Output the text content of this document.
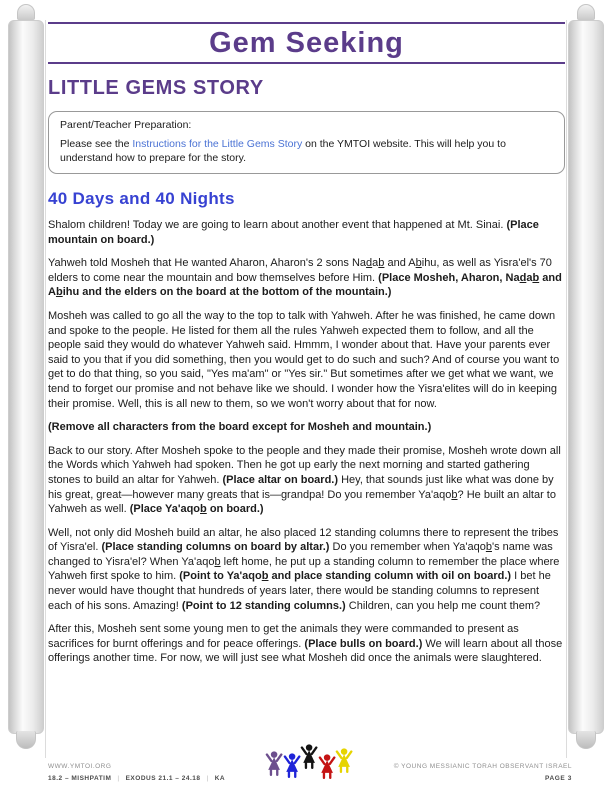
Gem Seeking
LITTLE GEMS STORY

Parent/Teacher Preparation:

Please see the Instructions for the Little Gems Story on the YMTOI website. This will help you to understand how to prepare for the story.

40 Days and 40 Nights

Shalom children! Today we are going to learn about another event that happened at Mt. Sinai. (Place mountain on board.)

Yahweh told Mosheh that He wanted Aharon, Aharon's 2 sons Nadab and Abihu, as well as Yisra'el's 70 elders to come near the mountain and bow themselves before Him. (Place Mosheh, Aharon, Nadab and Abihu and the elders on the board at the bottom of the mountain.)

Mosheh was called to go all the way to the top to talk with Yahweh. After he was finished, he came down and spoke to the people. He listed for them all the rules Yahweh expected them to follow, and all the people said they would do whatever Yahweh said. Hmmm, I wonder about that. Have your parents ever said to you that if you did something, then you would get to do such and such? And of course you want to get to do that thing, so you said, "Yes ma'am" or "Yes sir." But sometimes after we get what we want, we tend to forget our promise and not behave like we should. I wonder how the Yisra'elites will do in keeping their promise. Well, this is all new to them, so we won't worry about that for now.

(Remove all characters from the board except for Mosheh and mountain.)

Back to our story. After Mosheh spoke to the people and they made their promise, Mosheh wrote down all the Words which Yahweh had spoken. Then he got up early the next morning and started gathering stones to build an altar for Yahweh. (Place altar on board.) Hey, that sounds just like what was done by his great, great—however many greats that is—grandpa! Do you remember Ya'aqob? He built an altar to Yahweh as well. (Place Ya'aqob on board.)

Well, not only did Mosheh build an altar, he also placed 12 standing columns there to represent the tribes of Yisra'el. (Place standing columns on board by altar.) Do you remember when Ya'aqob's name was changed to Yisra'el? When Ya'aqob left home, he put up a standing column to remember the place where Yahweh first spoke to him. (Point to Ya'aqob and place standing column with oil on board.) I bet he never would have thought that hundreds of years later, there would be standing columns to represent each of his sons. Amazing! (Point to 12 standing columns.) Children, can you help me count them?

After this, Mosheh sent some young men to get the animals they were commanded to present as sacrifices for burnt offerings and for peace offerings. (Place bulls on board.) We will learn about all those offerings another time. For now, we will just see what Mosheh did once the animals were slaughtered.

WWW.YMTOI.ORG
18.2 – MISHPATIM | EXODUS 21.1 – 24.18 | KA
© YOUNG MESSIANIC TORAH OBSERVANT ISRAEL
PAGE 3
